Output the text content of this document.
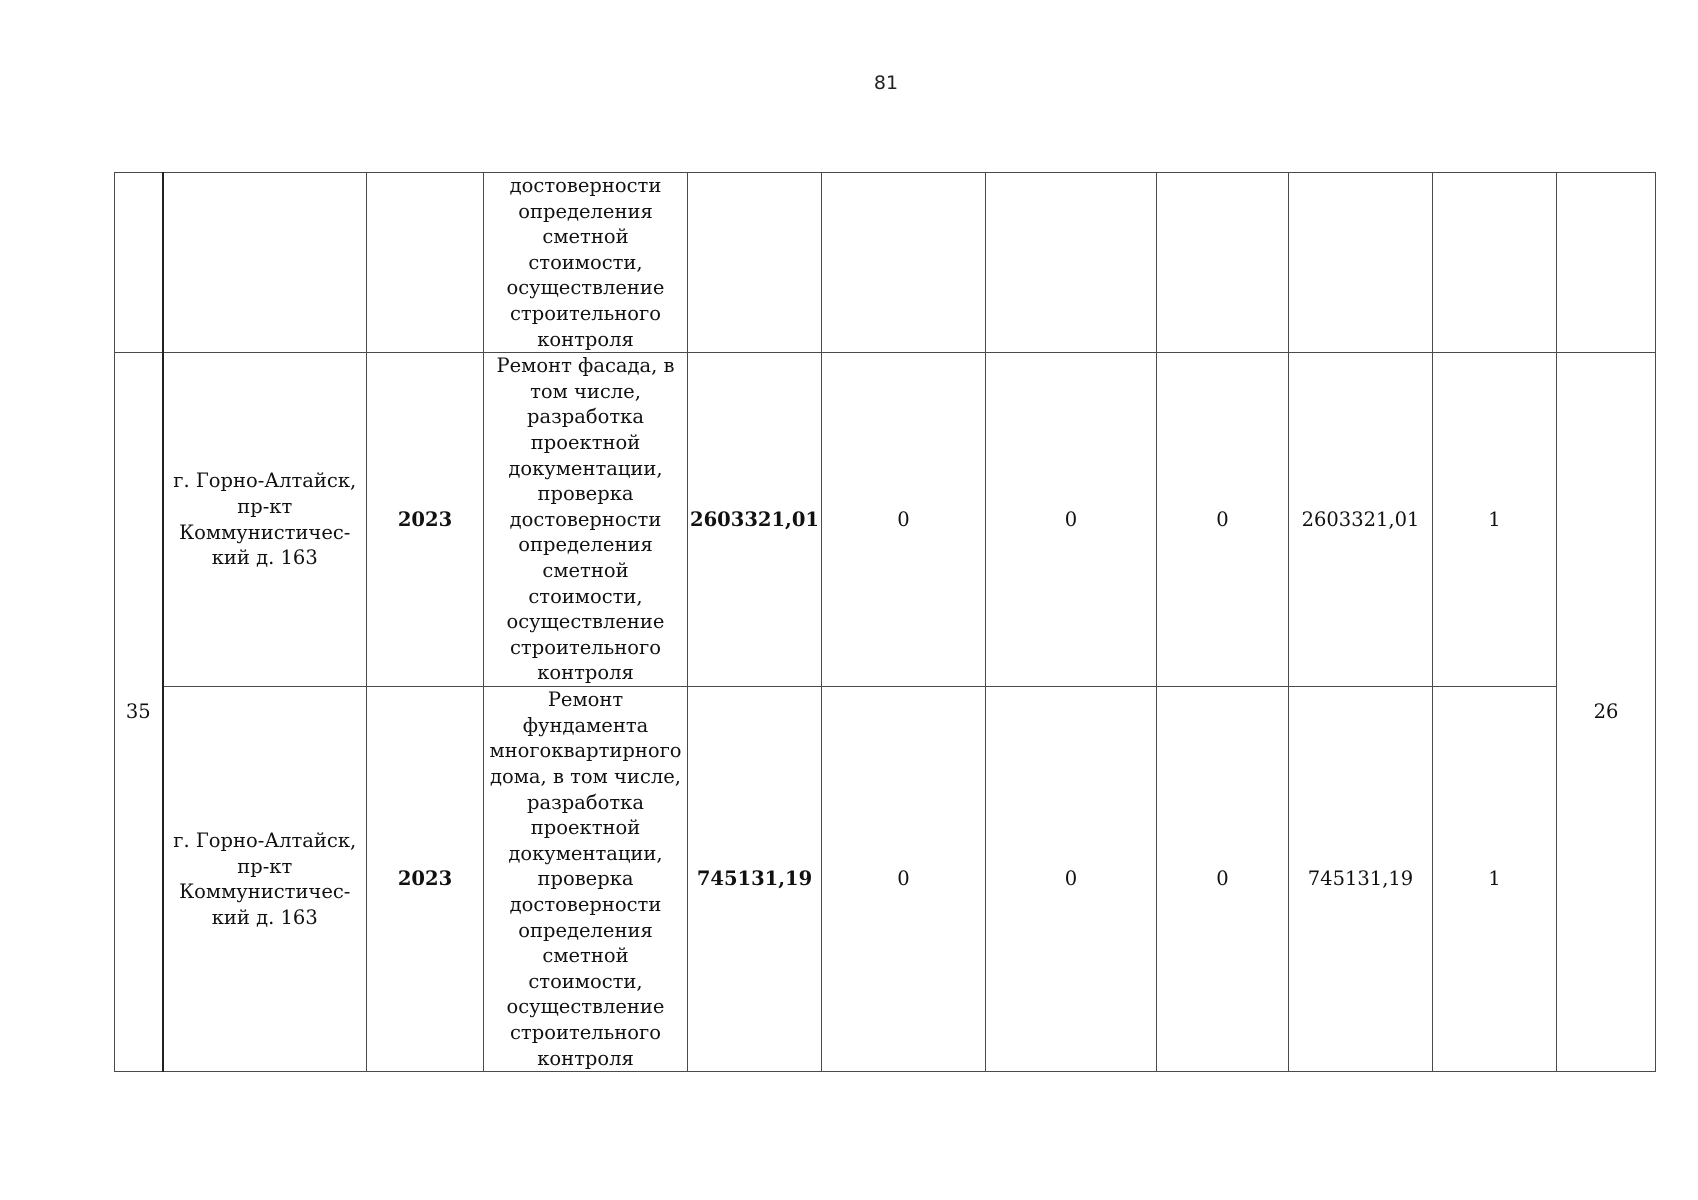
81
			достоверности определения сметной стоимости, осуществление строительного контроля							
35	г. Горно-Алтайск, пр-кт Коммунистичес-кий д. 163	2023	Ремонт фасада, в том числе, разработка проектной документации, проверка достоверности определения сметной стоимости, осуществление строительного контроля	2603321,01	0	0	0	2603321,01	1	26
	г. Горно-Алтайск, пр-кт Коммунистичес-кий д. 163	2023	Ремонт фундамента многоквартирного дома, в том числе, разработка проектной документации, проверка достоверности определения сметной стоимости, осуществление строительного контроля	745131,19	0	0	0	745131,19	1	
